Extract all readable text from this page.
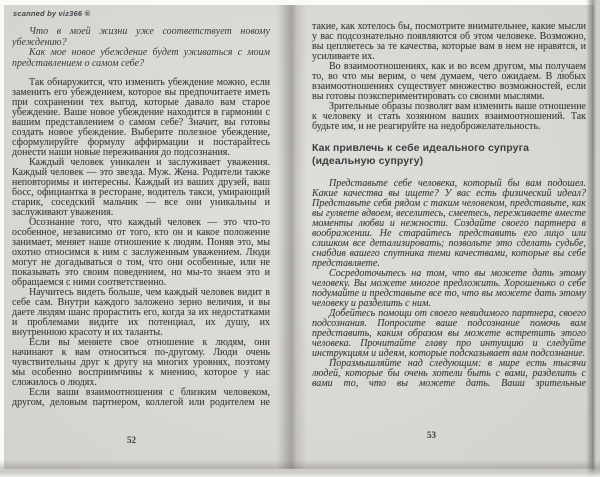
scanned by viz366 ®

Что в моей жизни уже соответствует новому убеждению?

Как мое новое убеждение будет уживаться с моим представлением о самом себе?

Так обнаружится, что изменить убеждение можно, если заменить его убеждением, которое вы предпочитаете иметь при сохранении тех выгод, которые давало вам старое убеждение. Ваше новое убеждение находится в гармонии с вашим представлением о самом себе? Значит, вы готовы создать новое убеждение. Выберите полезное убеждение, сформулируйте формулу аффирмации и постарайтесь донести наши новые переживания до подсознания.

Каждый человек уникален и заслуживает уважения. Каждый человек — это звезда. Муж. Жена. Родители также неповторимы и интересны. Каждый из ваших друзей, ваш босс, официантка в ресторане, водитель такси, умирающий старик, соседский мальчик — все они уникальны и заслуживают уважения.

Осознание того, что каждый человек — это что-то особенное, независимо от того, кто он и какое положение занимает, меняет наше отношение к людям. Поняв это, мы охотно относимся к ним с заслуженным уважением. Люди могут не догадываться о том, что они особенные, или не показывать это своим поведением, но мы-то знаем это и обращаемся с ними соответственно.

Научитесь видеть больше, чем каждый человек видит в себе сам. Внутри каждого заложено зерно величия, и вы даете людям шанс прорастить его, когда за их недостатками и проблемами видите их потенциал, их душу, их внутреннюю красоту и их таланты.

Если вы меняете свое отношение к людям, они начинают к вам относиться по-другому. Люди очень чувствительны друг к другу на многих уровнях, поэтому мы особенно восприимчивы к мнению, которое у нас сложилось о людях.

Если ваши взаимоотношения с близким человеком, другом, деловым партнером, коллегой или родителем не

такие, как хотелось бы, посмотрите внимательнее, какие мысли у вас подсознательно появляются об этом человеке. Возможно, вы цепляетесь за те качества, которые вам в нем не нравятся, и усиливаете их.

Во взаимоотношениях, как и во всем другом, мы получаем то, во что мы верим, о чем думаем, чего ожидаем. В любых взаимоотношениях существует множество возможностей, если вы готовы поэкспериментировать со своими мыслями.

Зрительные образы позволят вам изменить ваше отношение к человеку и стать хозяином ваших взаимоотношений. Так будьте им, и не реагируйте на недоброжелательность.

Как привлечь к себе идеального супруга
(идеальную супругу)

Представьте себе человека, который бы вам подошел. Какие качества вы ищете? У вас есть физический идеал? Представьте себя рядом с таким человеком, представьте, как вы гуляете вдвоем, веселитесь, смеетесь, переживаете вместе моменты любви и нежности. Создайте своего партнера в воображении. Не старайтесь представить его лицо или слишком все детализировать; позвольте это сделать судьбе, снабдив вашего спутника теми качествами, которые вы себе представляете.

Сосредоточьтесь на том, что вы можете дать этому человеку. Вы можете многое предложить. Хорошенько о себе подумайте и представьте все то, что вы можете дать этому человеку и разделить с ним.

Добейтесь помощи от своего невидимого партнера, своего подсознания. Попросите ваше подсознание помочь вам представить, каким образом вы можете встретить этого человека. Прочитайте главу про интуицию и следуйте инструкциям и идеям, которые подсказывает вам подсознание.

Поразмышляйте над следующим: в мире есть тысячи людей, которые бы очень хотели быть с вами, разделить с вами то, что вы можете дать. Ваши зрительные

52	53
